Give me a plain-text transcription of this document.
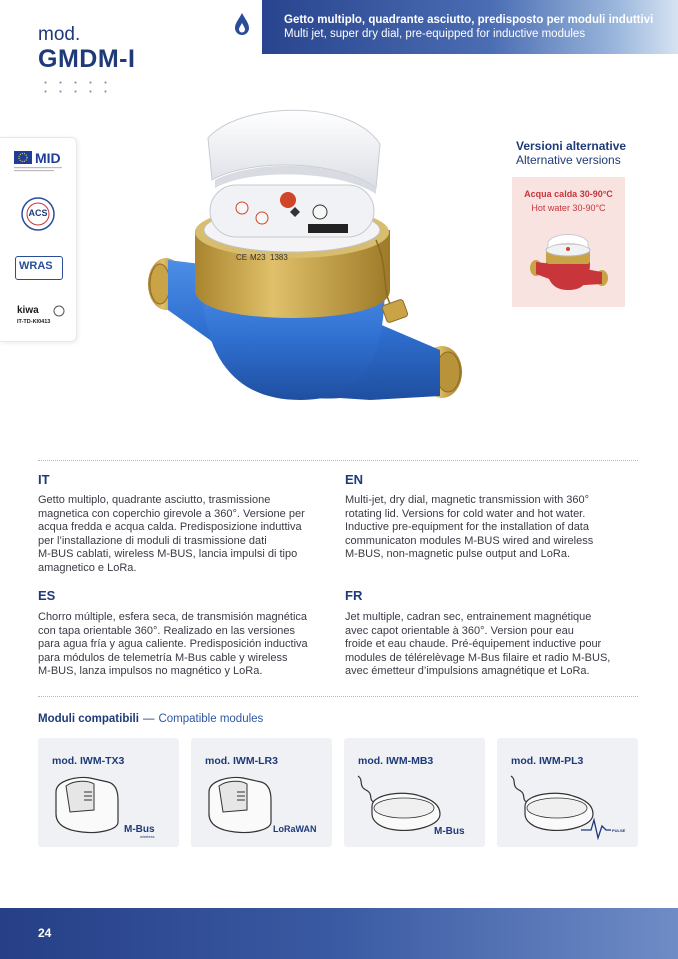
mod.
GMDM-I
Getto multiplo, quadrante asciutto, predisposto per moduli induttivi
Multi jet, super dry dial, pre-equipped for inductive modules
MID
ACS
WRAS
kiwa
IT-TD-KI0413
CE M23 1383
Versioni alternative
Alternative versions
Acqua calda 30-90°C
Hot water 30-90°C
IT
Getto multiplo, quadrante asciutto, trasmissione
magnetica con coperchio girevole a 360°. Versione per
acqua fredda e acqua calda. Predisposizione induttiva
per l’installazione di moduli di trasmissione dati
M-BUS cablati, wireless M-BUS, lancia impulsi di tipo
amagnetico e LoRa.
EN
Multi-jet, dry dial, magnetic transmission with 360°
rotating lid. Versions for cold water and hot water.
Inductive pre-equipment for the installation of data
communicaton modules M-BUS wired and wireless
M-BUS, non-magnetic pulse output and LoRa.
ES
Chorro múltiple, esfera seca, de transmisión magnética
con tapa orientable 360°. Realizado en las versiones
para agua fría y agua caliente. Predisposición inductiva
para módulos de telemetría M-Bus cable y wireless
M-BUS, lanza impulsos no magnético y LoRa.
FR
Jet multiple, cadran sec, entrainement magnétique
avec capot orientable à 360°. Version pour eau
froide et eau chaude. Pré-équipement inductive pour
modules de télérelèvage M-Bus filaire et radio M-BUS,
avec émetteur d’impulsions amagnétique et LoRa.
Moduli compatibili — Compatible modules
mod. IWM-TX3
M-Bus
wireless
mod. IWM-LR3
LoRaWAN
mod. IWM-MB3
M-Bus
mod. IWM-PL3
PULSE
24
